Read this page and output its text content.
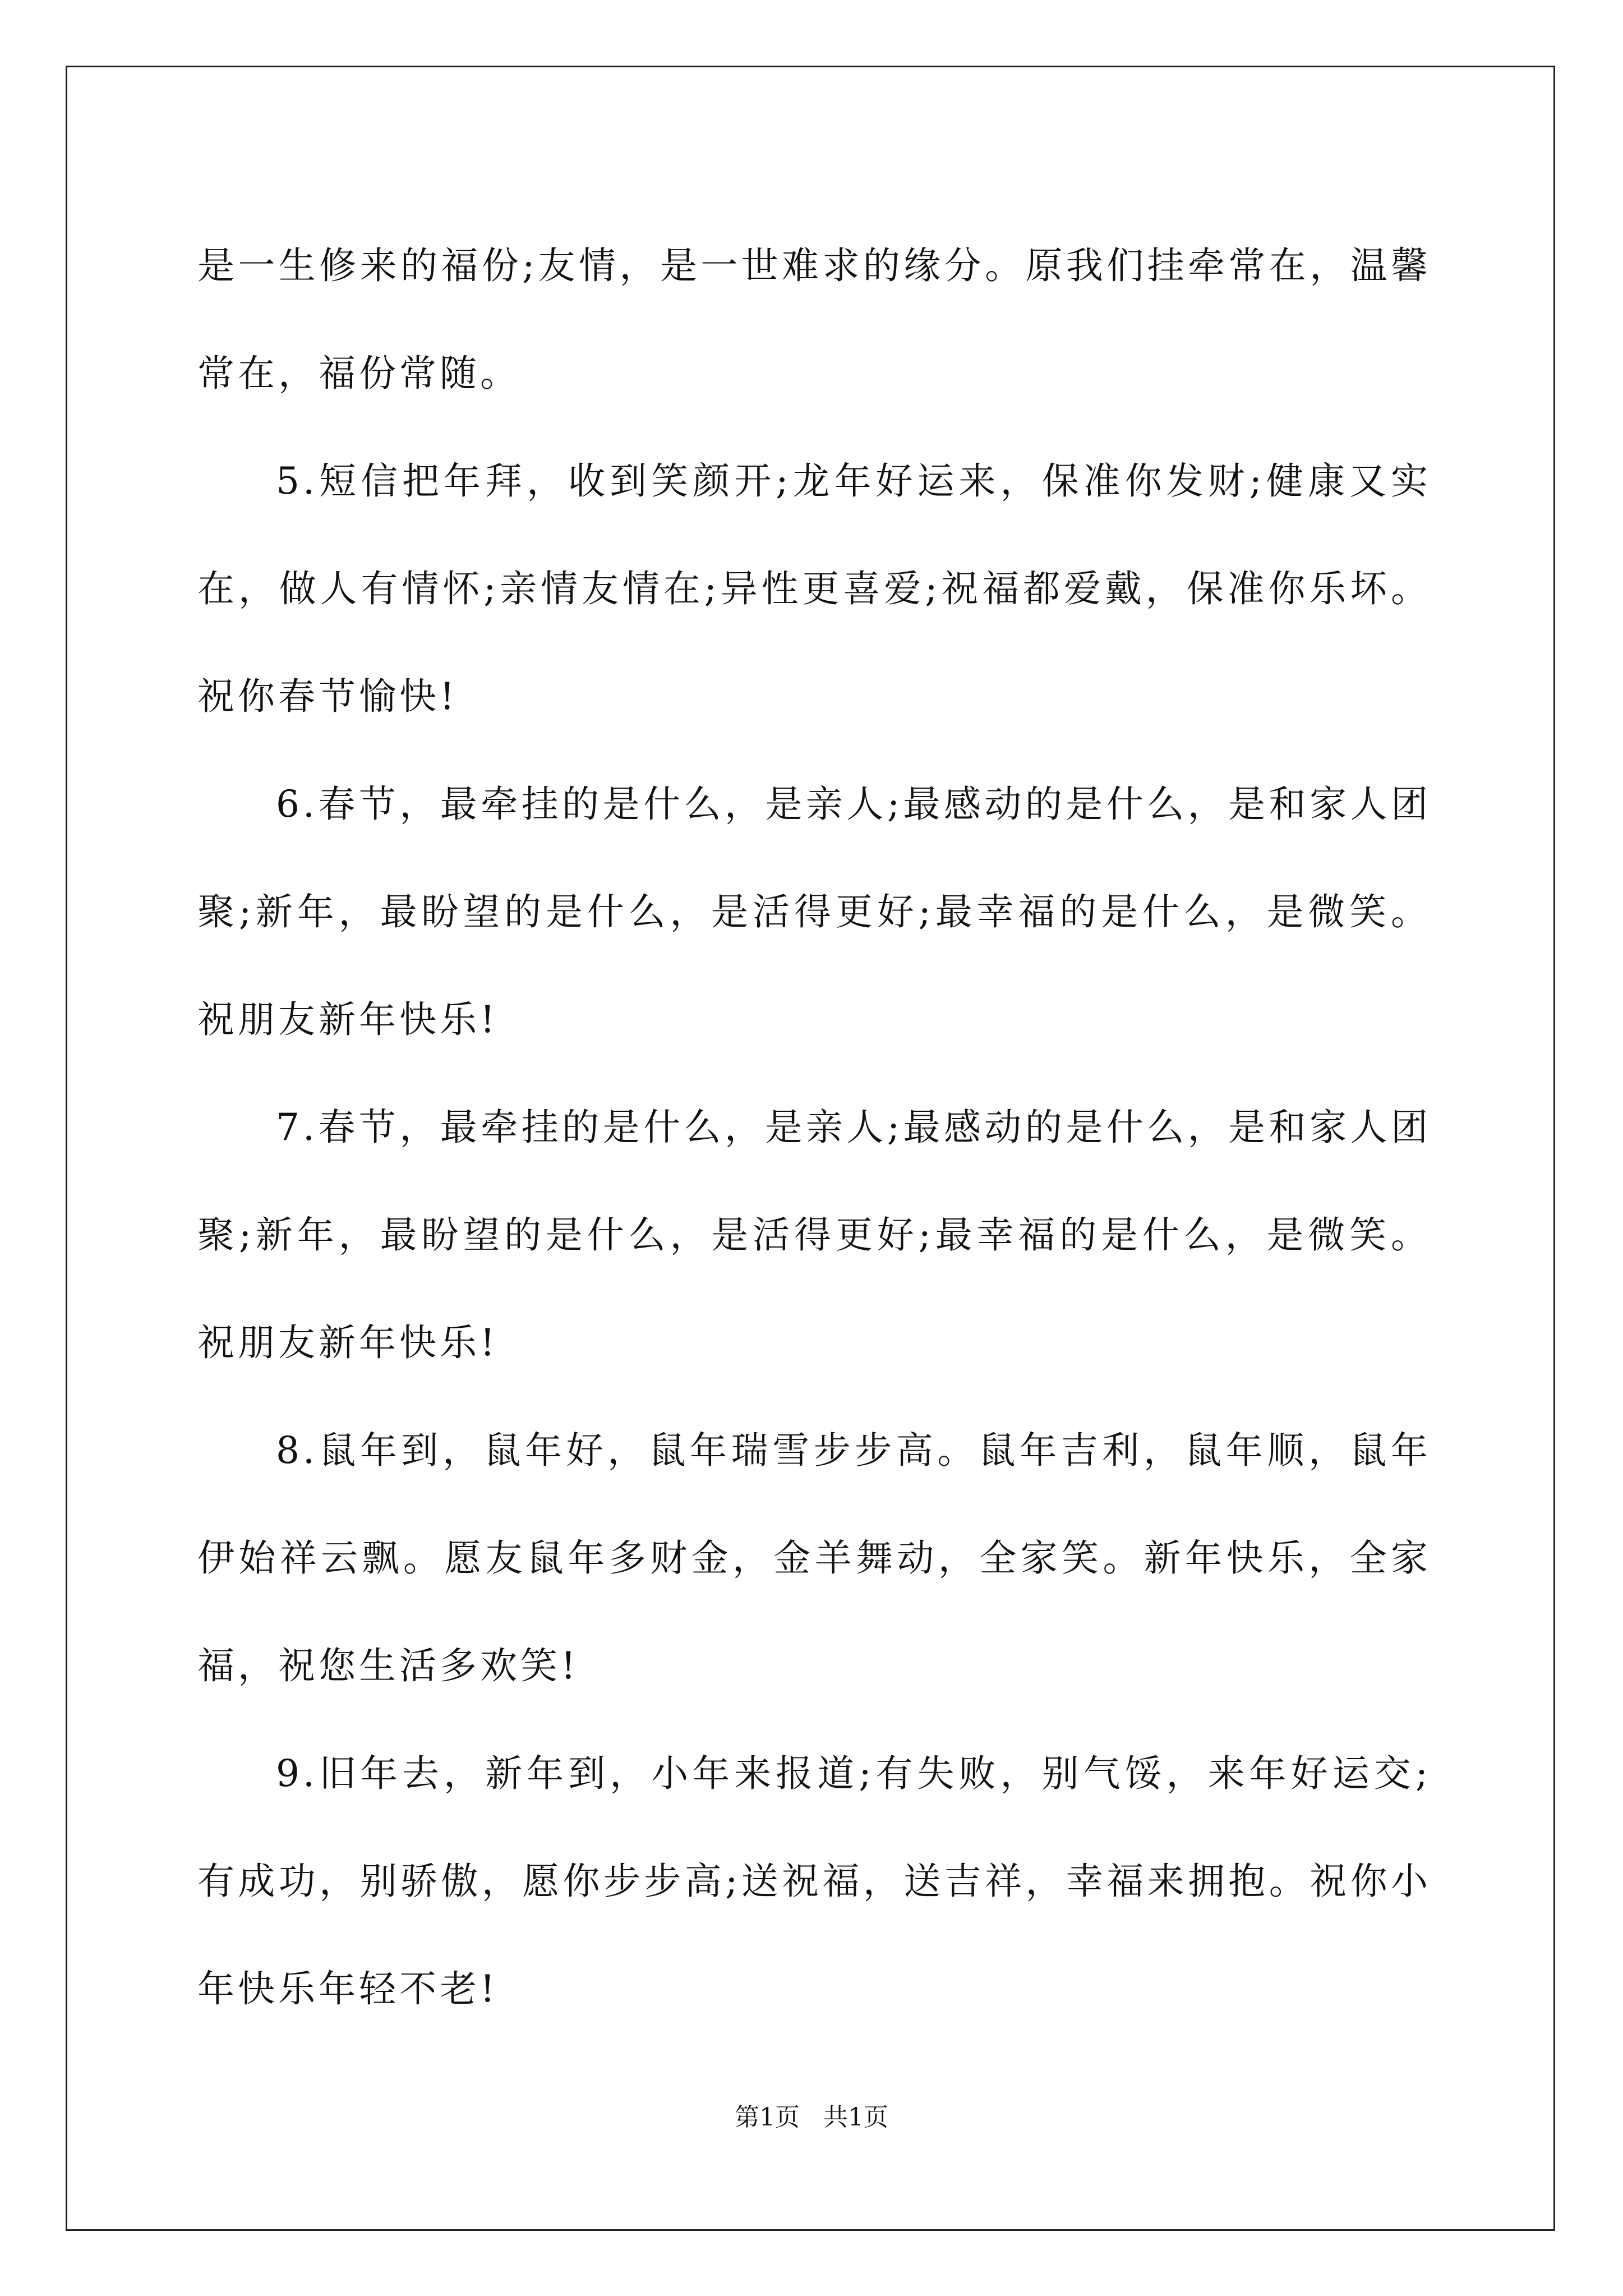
是一生修来的福份;友情，是一世难求的缘分。原我们挂牵常在，温馨常在，福份常随。

5.短信把年拜，收到笑颜开;龙年好运来，保准你发财;健康又实在，做人有情怀;亲情友情在;异性更喜爱;祝福都爱戴，保准你乐坏。祝你春节愉快!

6.春节，最牵挂的是什么，是亲人;最感动的是什么，是和家人团聚;新年，最盼望的是什么，是活得更好;最幸福的是什么，是微笑。祝朋友新年快乐!

7.春节，最牵挂的是什么，是亲人;最感动的是什么，是和家人团聚;新年，最盼望的是什么，是活得更好;最幸福的是什么，是微笑。祝朋友新年快乐!

8.鼠年到，鼠年好，鼠年瑞雪步步高。鼠年吉利，鼠年顺，鼠年伊始祥云飘。愿友鼠年多财金，金羊舞动，全家笑。新年快乐，全家福，祝您生活多欢笑!

9.旧年去，新年到，小年来报道;有失败，别气馁，来年好运交;有成功，别骄傲，愿你步步高;送祝福，送吉祥，幸福来拥抱。祝你小年快乐年轻不老!

第1页 共1页
